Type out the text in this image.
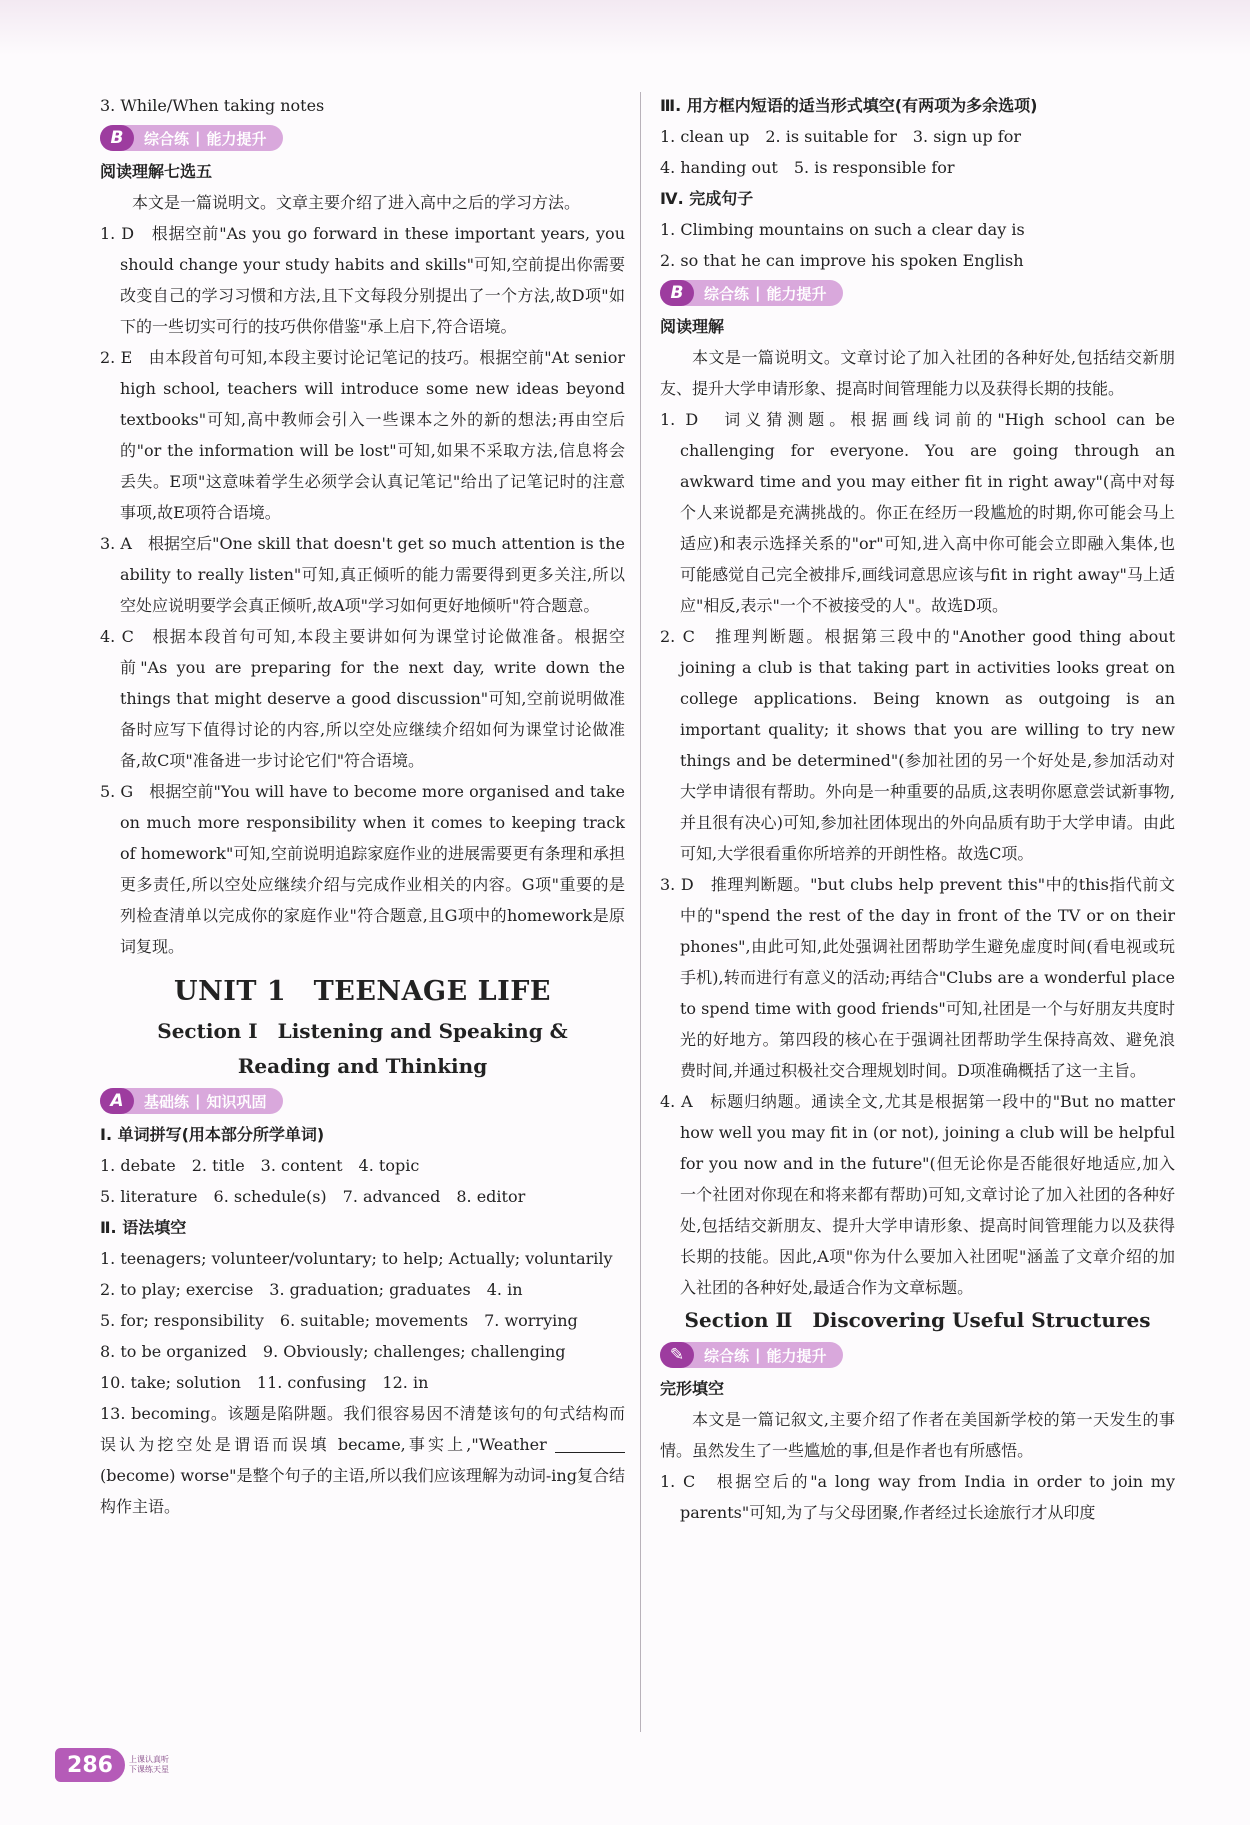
3. While/When taking notes
B	综合练 | 能力提升
阅读理解七选五
本文是一篇说明文。文章主要介绍了进入高中之后的学习方法。
1. D　根据空前"As you go forward in these important years, you should change your study habits and skills"可知,空前提出你需要改变自己的学习习惯和方法,且下文每段分别提出了一个方法,故D项"如下的一些切实可行的技巧供你借鉴"承上启下,符合语境。
2. E　由本段首句可知,本段主要讨论记笔记的技巧。根据空前"At senior high school, teachers will introduce some new ideas beyond textbooks"可知,高中教师会引入一些课本之外的新的想法;再由空后的"or the information will be lost"可知,如果不采取方法,信息将会丢失。E项"这意味着学生必须学会认真记笔记"给出了记笔记时的注意事项,故E项符合语境。
3. A　根据空后"One skill that doesn't get so much attention is the ability to really listen"可知,真正倾听的能力需要得到更多关注,所以空处应说明要学会真正倾听,故A项"学习如何更好地倾听"符合题意。
4. C　根据本段首句可知,本段主要讲如何为课堂讨论做准备。根据空前"As you are preparing for the next day, write down the things that might deserve a good discussion"可知,空前说明做准备时应写下值得讨论的内容,所以空处应继续介绍如何为课堂讨论做准备,故C项"准备进一步讨论它们"符合语境。
5. G　根据空前"You will have to become more organised and take on much more responsibility when it comes to keeping track of homework"可知,空前说明追踪家庭作业的进展需要更有条理和承担更多责任,所以空处应继续介绍与完成作业相关的内容。G项"重要的是列检查清单以完成你的家庭作业"符合题意,且G项中的homework是原词复现。
UNIT 1　TEENAGE LIFE
Section Ⅰ　Listening and Speaking &
Reading and Thinking
A	基础练 | 知识巩固
Ⅰ. 单词拼写(用本部分所学单词)
1. debate　2. title　3. content　4. topic
5. literature　6. schedule(s)　7. advanced　8. editor
Ⅱ. 语法填空
1. teenagers; volunteer/voluntary; to help; Actually; voluntarily
2. to play; exercise　3. graduation; graduates　4. in
5. for; responsibility　6. suitable; movements　7. worrying
8. to be organized　9. Obviously; challenges; challenging
10. take; solution　11. confusing　12. in
13. becoming。该题是陷阱题。我们很容易因不清楚该句的句式结构而误认为挖空处是谓语而误填 became,事实上,"Weather  (become) worse"是整个句子的主语,所以我们应该理解为动词-ing复合结构作主语。
Ⅲ. 用方框内短语的适当形式填空(有两项为多余选项)
1. clean up　2. is suitable for　3. sign up for
4. handing out　5. is responsible for
Ⅳ. 完成句子
1. Climbing mountains on such a clear day is
2. so that he can improve his spoken English
B	综合练 | 能力提升
阅读理解
本文是一篇说明文。文章讨论了加入社团的各种好处,包括结交新朋友、提升大学申请形象、提高时间管理能力以及获得长期的技能。
1. D　词义猜测题。根据画线词前的"High school can be challenging for everyone. You are going through an awkward time and you may either fit in right away"(高中对每个人来说都是充满挑战的。你正在经历一段尴尬的时期,你可能会马上适应)和表示选择关系的"or"可知,进入高中你可能会立即融入集体,也可能感觉自己完全被排斥,画线词意思应该与fit in right away"马上适应"相反,表示"一个不被接受的人"。故选D项。
2. C　推理判断题。根据第三段中的"Another good thing about joining a club is that taking part in activities looks great on college applications. Being known as outgoing is an important quality; it shows that you are willing to try new things and be determined"(参加社团的另一个好处是,参加活动对大学申请很有帮助。外向是一种重要的品质,这表明你愿意尝试新事物,并且很有决心)可知,参加社团体现出的外向品质有助于大学申请。由此可知,大学很看重你所培养的开朗性格。故选C项。
3. D　推理判断题。"but clubs help prevent this"中的this指代前文中的"spend the rest of the day in front of the TV or on their phones",由此可知,此处强调社团帮助学生避免虚度时间(看电视或玩手机),转而进行有意义的活动;再结合"Clubs are a wonderful place to spend time with good friends"可知,社团是一个与好朋友共度时光的好地方。第四段的核心在于强调社团帮助学生保持高效、避免浪费时间,并通过积极社交合理规划时间。D项准确概括了这一主旨。
4. A　标题归纳题。通读全文,尤其是根据第一段中的"But no matter how well you may fit in (or not), joining a club will be helpful for you now and in the future"(但无论你是否能很好地适应,加入一个社团对你现在和将来都有帮助)可知,文章讨论了加入社团的各种好处,包括结交新朋友、提升大学申请形象、提高时间管理能力以及获得长期的技能。因此,A项"你为什么要加入社团呢"涵盖了文章介绍的加入社团的各种好处,最适合作为文章标题。
Section Ⅱ　Discovering Useful Structures
✎	综合练 | 能力提升
完形填空
本文是一篇记叙文,主要介绍了作者在美国新学校的第一天发生的事情。虽然发生了一些尴尬的事,但是作者也有所感悟。
1. C　根据空后的"a long way from India in order to join my parents"可知,为了与父母团聚,作者经过长途旅行才从印度
286	上课认真听
下课练天星
